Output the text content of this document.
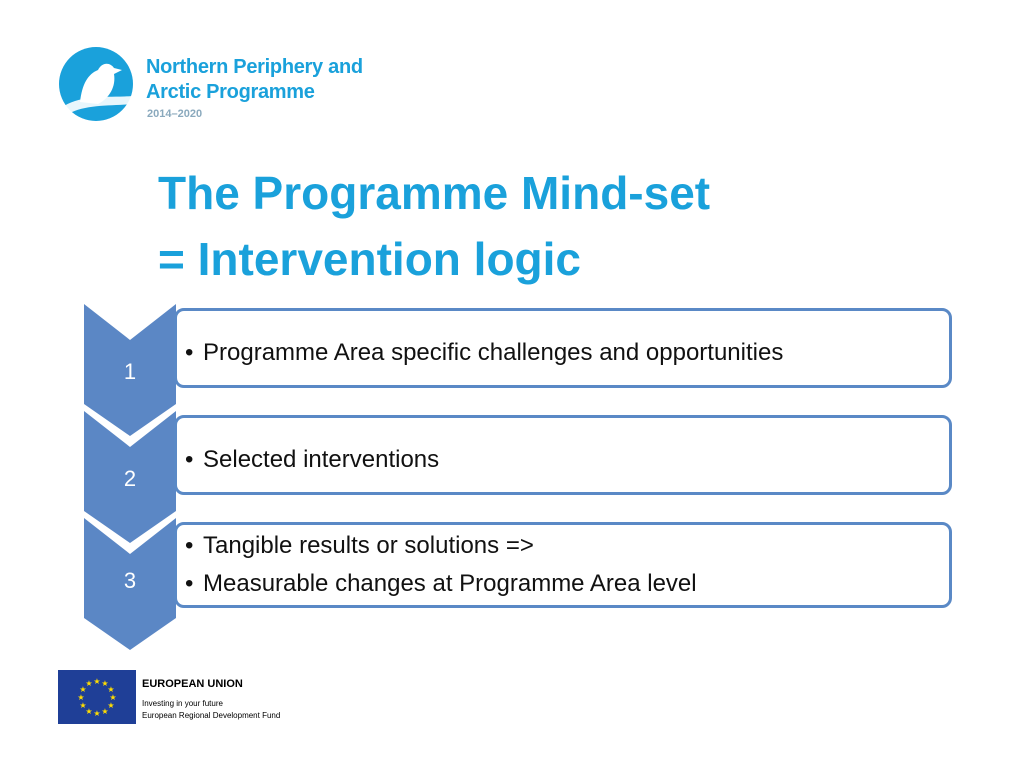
Northern Periphery and
Arctic Programme
2014–2020
The Programme Mind-set
= Intervention logic
1
• Programme Area specific challenges and opportunities
2
• Selected interventions
3
• Tangible results or solutions =>
• Measurable changes at Programme Area level
★ ★
★
★
★
★
★
★
★
★
★
★	EUROPEAN UNION
Investing in your future
European Regional Development Fund
